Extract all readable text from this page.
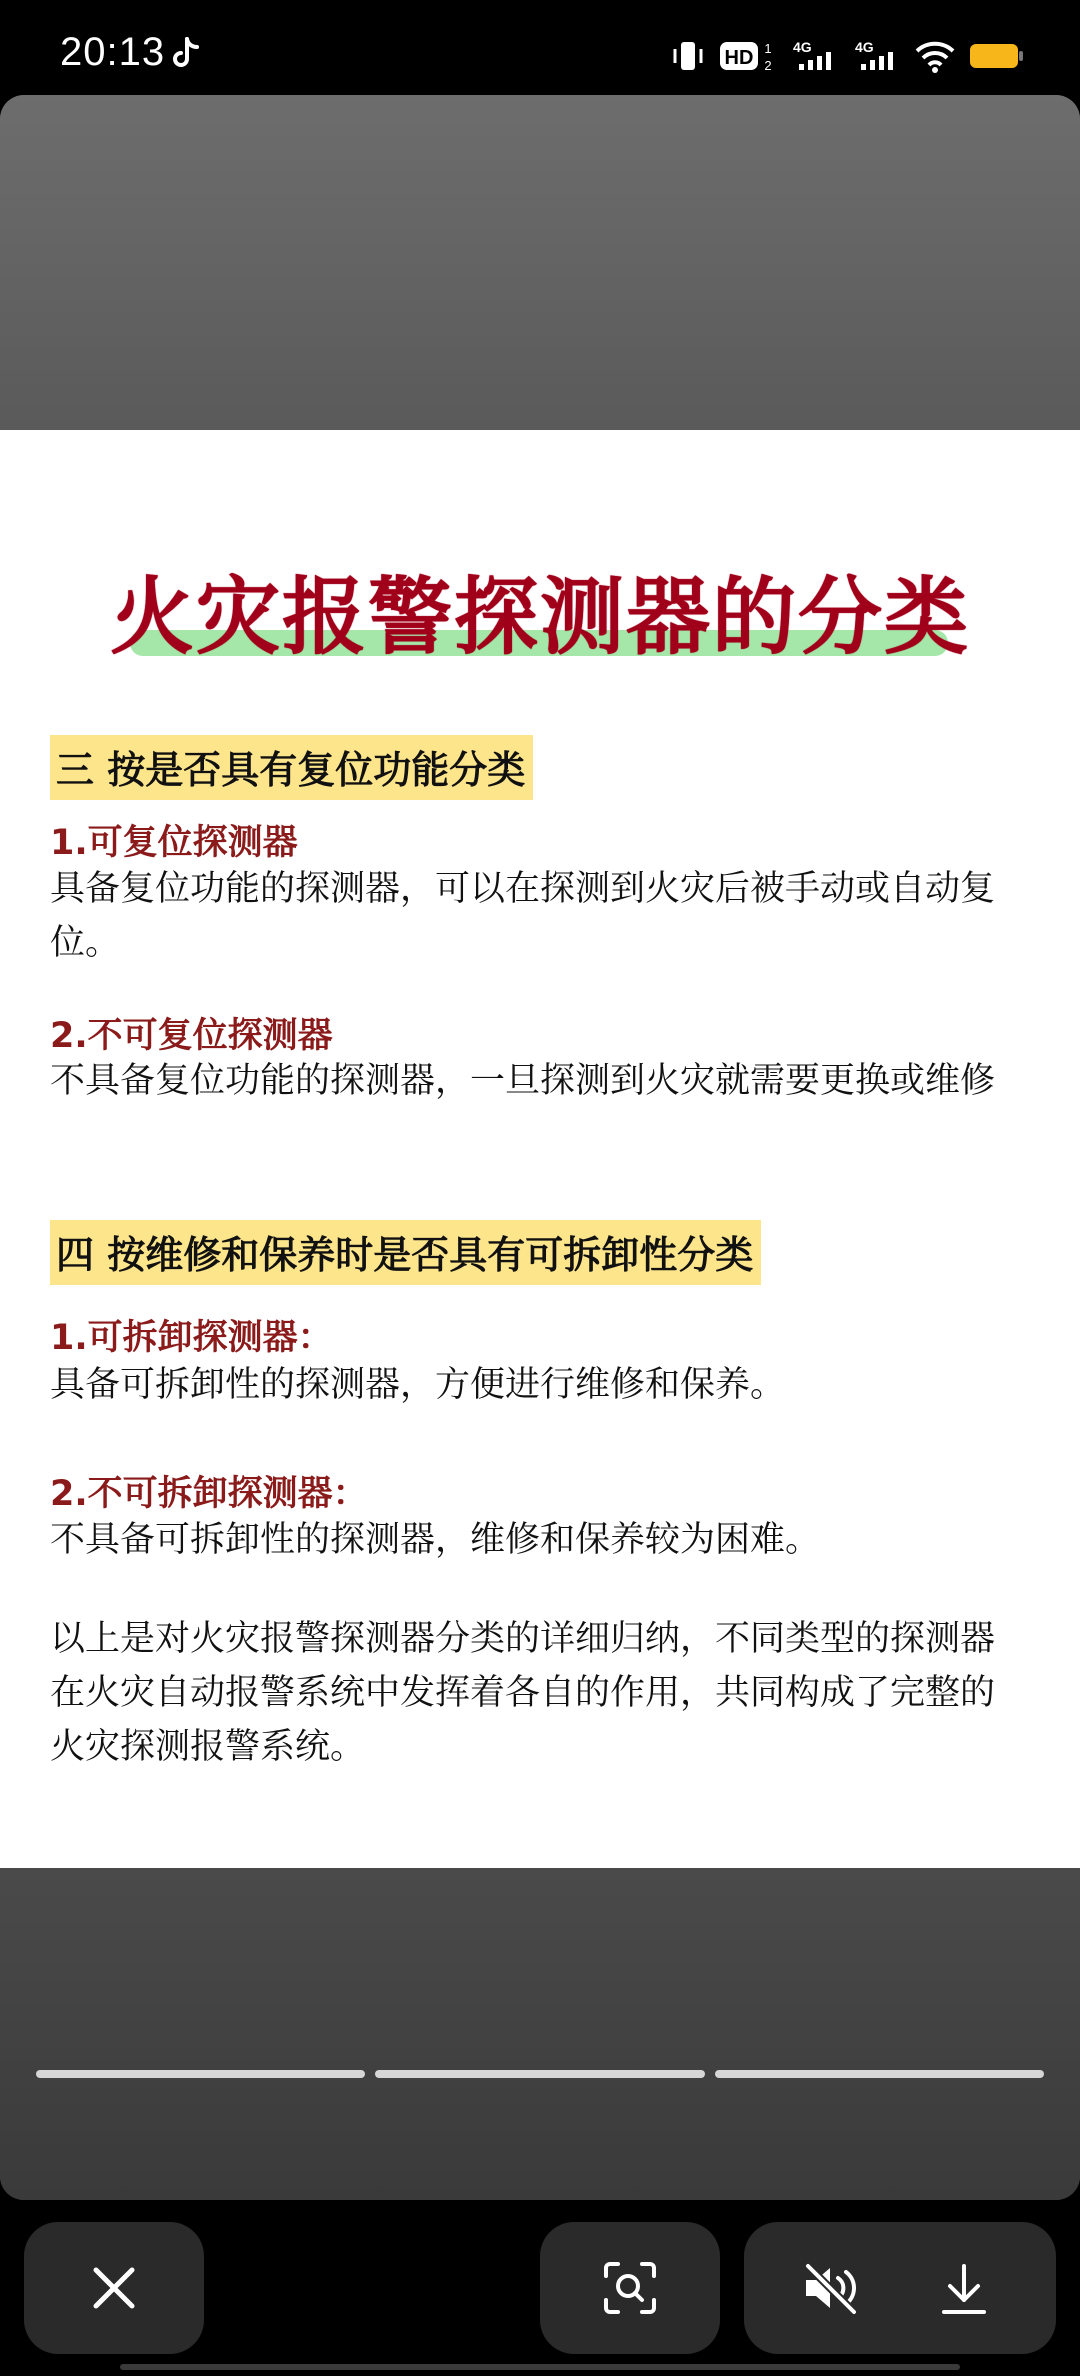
20:13	HD 1
2
4G	4G
火灾报警探测器的分类
三 按是否具有复位功能分类
1.可复位探测器
具备复位功能的探测器，可以在探测到火灾后被手动或自动复位。
2.不可复位探测器
不具备复位功能的探测器，一旦探测到火灾就需要更换或维修
四 按维修和保养时是否具有可拆卸性分类
1.可拆卸探测器：
具备可拆卸性的探测器，方便进行维修和保养。
2.不可拆卸探测器：
不具备可拆卸性的探测器，维修和保养较为困难。
以上是对火灾报警探测器分类的详细归纳，不同类型的探测器在火灾自动报警系统中发挥着各自的作用，共同构成了完整的火灾探测报警系统。
